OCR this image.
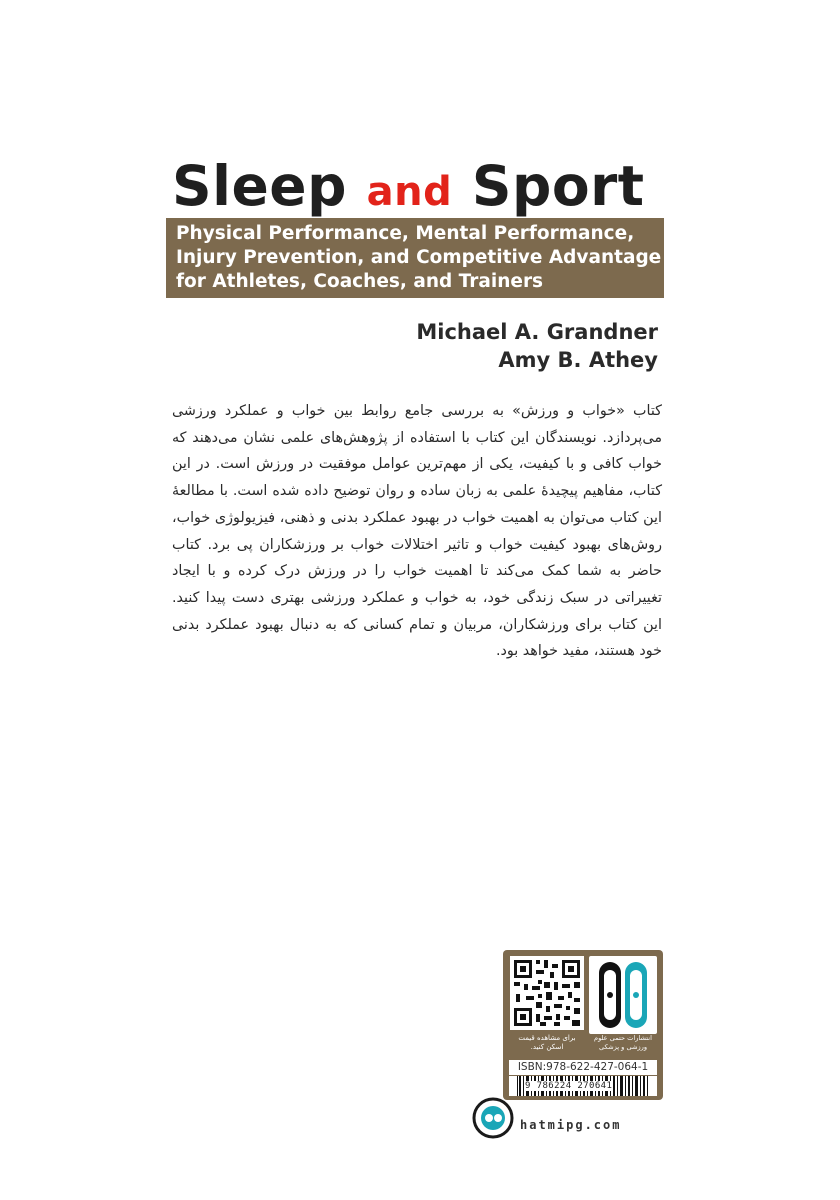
Sleep and Sport
Physical Performance, Mental Performance,
Injury Prevention, and Competitive Advantage
for Athletes, Coaches, and Trainers
Michael A. Grandner
Amy B. Athey
کتاب «خواب و ورزش» به بررسی جامع روابط بین خواب و عملکرد ورزشی می‌پردازد. نویسندگان این کتاب با استفاده از پژوهش‌های علمی نشان می‌دهند که خواب کافی و با کیفیت، یکی از مهم‌ترین عوامل موفقیت در ورزش است. در این کتاب، مفاهیم پیچیدهٔ علمی به زبان ساده و روان توضیح داده شده است. با مطالعهٔ این کتاب می‌توان به اهمیت خواب در بهبود عملکرد بدنی و ذهنی، فیزیولوژی خواب، روش‌های بهبود کیفیت خواب و تاثیر اختلالات خواب بر ورزشکاران پی برد. کتاب حاضر به شما کمک می‌کند تا اهمیت خواب را در ورزش درک کرده و با ایجاد تغییراتی در سبک زندگی خود، به خواب و عملکرد ورزشی بهتری دست پیدا کنید. این کتاب برای ورزشکاران، مربیان و تمام کسانی که به دنبال بهبود عملکرد بدنی خود هستند، مفید خواهد بود.
برای مشاهده قیمت اسکن کنید.
انتشارات حتمی علوم ورزشی و پزشکی
ISBN:978-622-427-064-1
9 786224 270641
hatmipg.com
